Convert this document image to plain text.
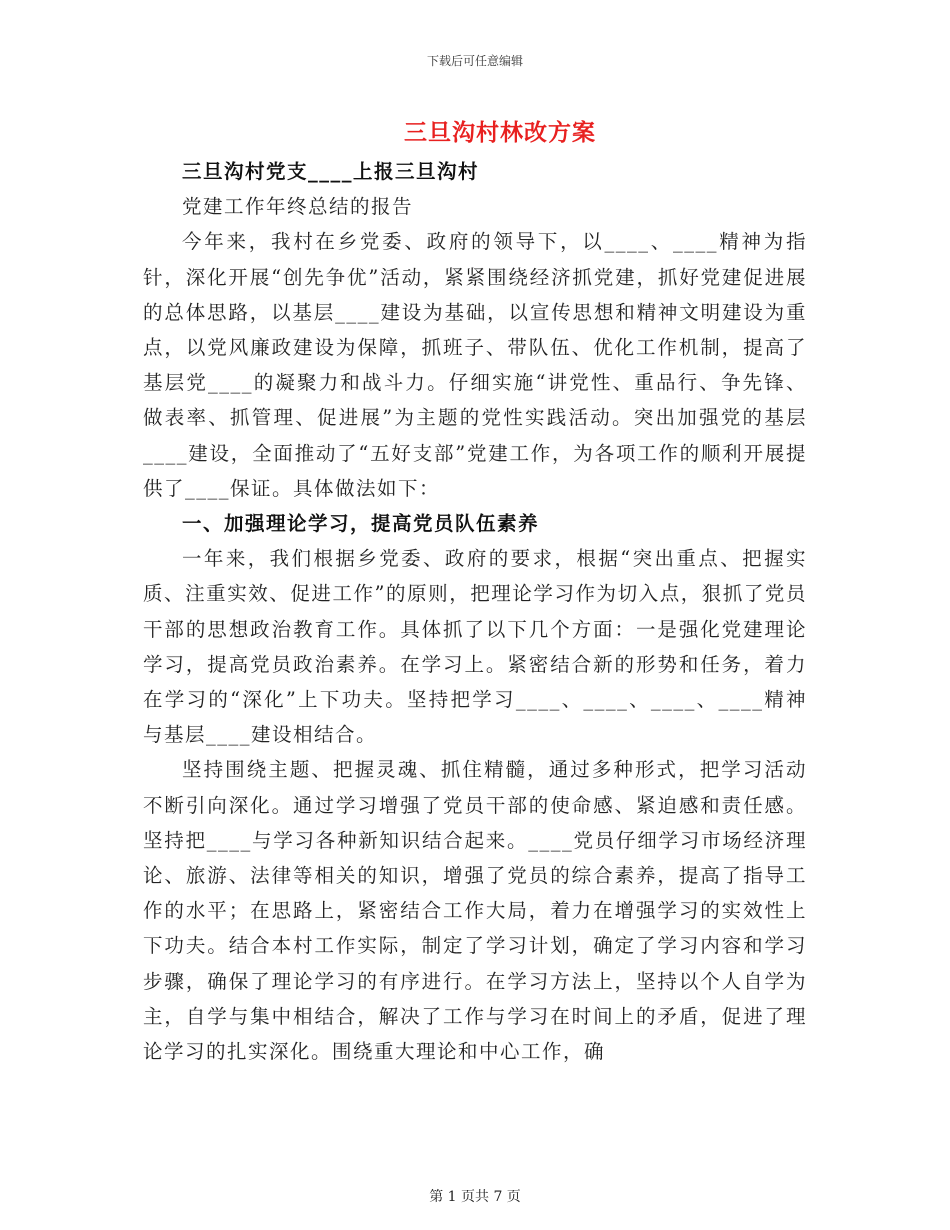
下载后可任意编辑
三旦沟村林改方案

三旦沟村党支____上报三旦沟村

党建工作年终总结的报告

今年来，我村在乡党委、政府的领导下，以____、____精神为指针，深化开展“创先争优”活动，紧紧围绕经济抓党建，抓好党建促进展的总体思路，以基层____建设为基础，以宣传思想和精神文明建设为重点，以党风廉政建设为保障，抓班子、带队伍、优化工作机制，提高了基层党____的凝聚力和战斗力。仔细实施“讲党性、重品行、争先锋、做表率、抓管理、促进展”为主题的党性实践活动。突出加强党的基层____建设，全面推动了“五好支部”党建工作，为各项工作的顺利开展提供了____保证。具体做法如下：

一、加强理论学习，提高党员队伍素养

一年来，我们根据乡党委、政府的要求，根据“突出重点、把握实质、注重实效、促进工作”的原则，把理论学习作为切入点，狠抓了党员干部的思想政治教育工作。具体抓了以下几个方面：一是强化党建理论学习，提高党员政治素养。在学习上。紧密结合新的形势和任务，着力在学习的“深化”上下功夫。坚持把学习____、____、____、____精神与基层____建设相结合。

坚持围绕主题、把握灵魂、抓住精髓，通过多种形式，把学习活动不断引向深化。通过学习增强了党员干部的使命感、紧迫感和责任感。坚持把____与学习各种新知识结合起来。____党员仔细学习市场经济理论、旅游、法律等相关的知识，增强了党员的综合素养，提高了指导工作的水平；在思路上，紧密结合工作大局，着力在增强学习的实效性上下功夫。结合本村工作实际，制定了学习计划，确定了学习内容和学习步骤，确保了理论学习的有序进行。在学习方法上，坚持以个人自学为主，自学与集中相结合，解决了工作与学习在时间上的矛盾，促进了理论学习的扎实深化。围绕重大理论和中心工作，确

第 1 页共 7 页
